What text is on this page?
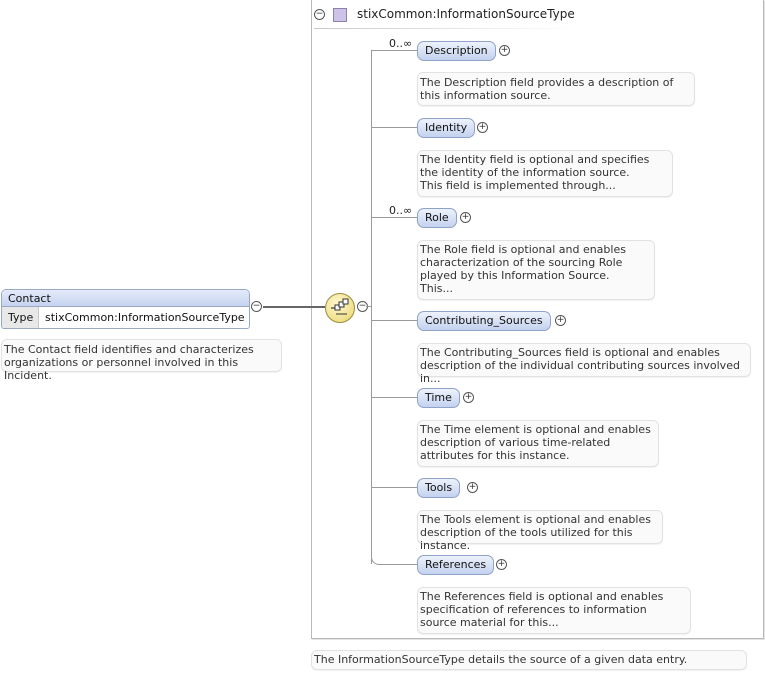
−	stixCommon:InformationSourceType
The InformationSourceType details the source of a given data entry.
Contact
Type stixCommon:InformationSourceType
−
The Contact field identifies and characterizes organizations or personnel involved in this Incident.
−
0..∞
Description	+
The Description field provides a description of this information source.
Identity	+
The Identity field is optional and specifies the identity of the information source.
This field is implemented through...
0..∞
Role	+
The Role field is optional and enables characterization of the sourcing Role played by this Information Source.
This...
Contributing_Sources	+
The Contributing_Sources field is optional and enables description of the individual contributing sources involved in...
Time	+
The Time element is optional and enables description of various time-related attributes for this instance.
Tools	+
The Tools element is optional and enables description of the tools utilized for this instance.
References	+
The References field is optional and enables specification of references to information source material for this...
